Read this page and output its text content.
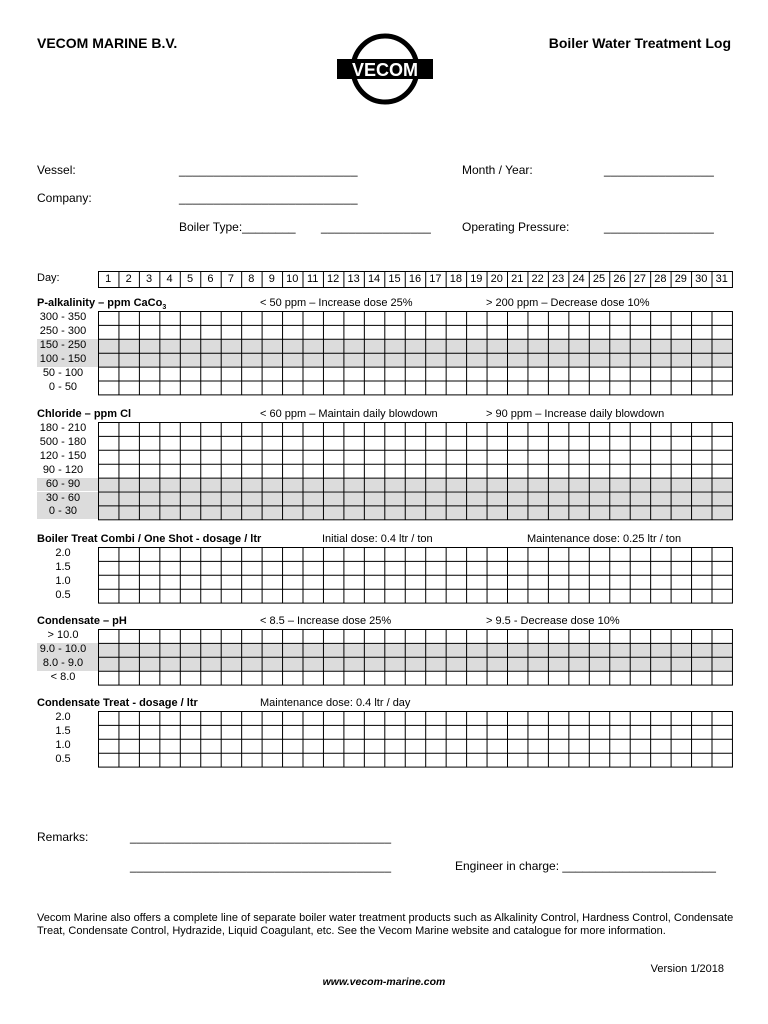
VECOM MARINE B.V.	Boiler Water Treatment Log
VECOM
Vessel:	__________________________
Company:	__________________________
Boiler Type:________ ________________
Month / Year:	________________
Operating Pressure:	________________
Day:	1	2	3	4	5	6	7	8	9	10 11 12 13 14 15 16 17 18 19 20 21 22 23 24 25 26 27 28 29 30 31
P-alkalinity – ppm CaCo$_3$	< 50 ppm – Increase dose 25%	> 200 ppm – Decrease dose 10%
300 - 350
250 - 300
150 - 250
100 - 150
50 - 100
0 - 50
Chloride – ppm Cl	< 60 ppm – Maintain daily blowdown	> 90 ppm – Increase daily blowdown
180 - 210
500 - 180
120 - 150
90 - 120
60 - 90
30 - 60
0 - 30
Boiler Treat Combi / One Shot - dosage / ltr	Initial dose: 0.4 ltr / ton	Maintenance dose: 0.25 ltr / ton
2.0
1.5
1.0
0.5
Condensate – pH	< 8.5 – Increase dose 25%	> 9.5 - Decrease dose 10%
> 10.0
9.0 - 10.0
8.0 - 9.0
< 8.0
Condensate Treat - dosage / ltr	Maintenance dose: 0.4 ltr / day
2.0
1.5
1.0
0.5
Remarks:	______________________________________
______________________________________	Engineer in charge: _______________________
Vecom Marine also offers a complete line of separate boiler water treatment products such as Alkalinity Control, Hardness Control, Condensate Treat, Condensate Control, Hydrazide, Liquid Coagulant, etc. See the Vecom Marine website and catalogue for more information.
Version 1/2018
www.vecom-marine.com
